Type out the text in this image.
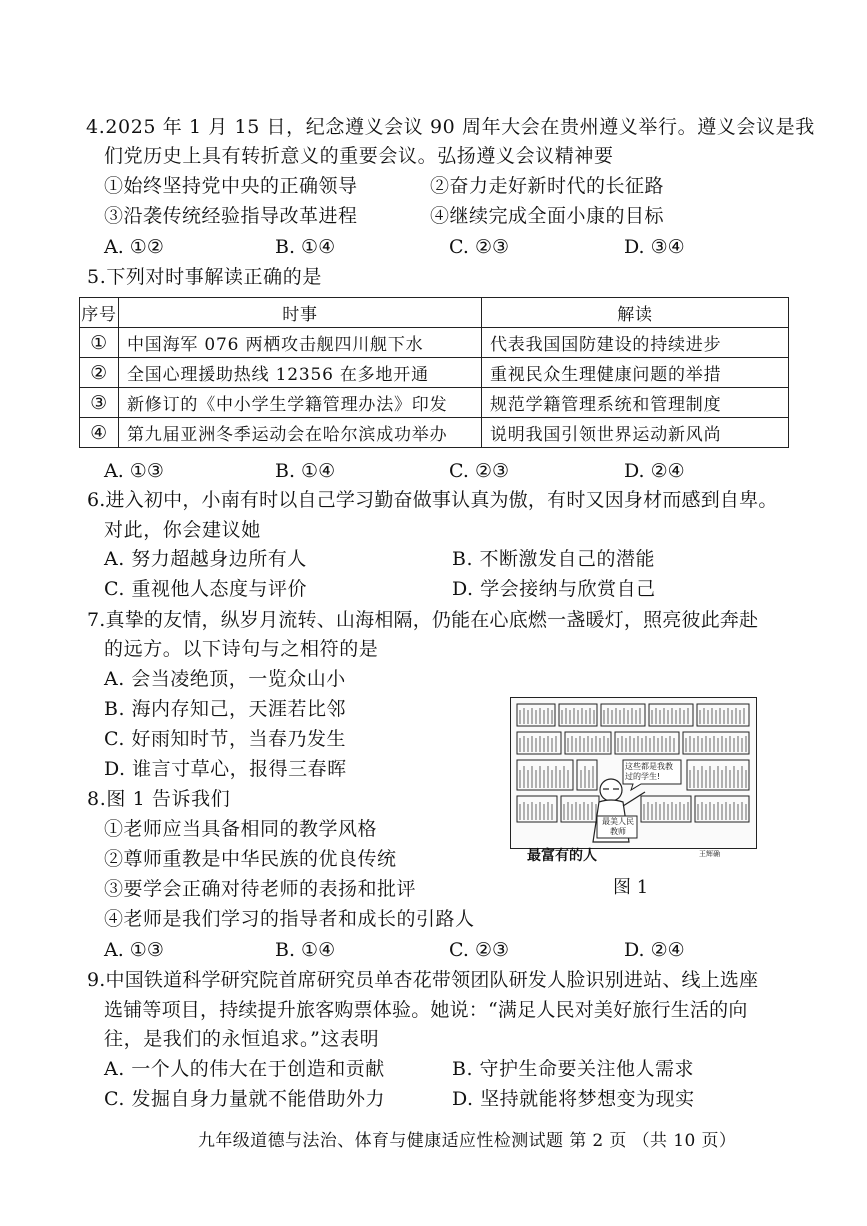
4.2025 年 1 月 15 日，纪念遵义会议 90 周年大会在贵州遵义举行。遵义会议是我
们党历史上具有转折意义的重要会议。弘扬遵义会议精神要
①始终坚持党中央的正确领导	②奋力走好新时代的长征路
③沿袭传统经验指导改革进程	④继续完成全面小康的目标
A. ①②	B. ①④	C. ②③	D. ③④
5.下列对时事解读正确的是
序号	时事	解读
①	中国海军 076 两栖攻击舰四川舰下水	代表我国国防建设的持续进步
②	全国心理援助热线 12356 在多地开通	重视民众生理健康问题的举措
③	新修订的《中小学生学籍管理办法》印发	规范学籍管理系统和管理制度
④	第九届亚洲冬季运动会在哈尔滨成功举办	说明我国引领世界运动新风尚
A. ①③	B. ①④	C. ②③	D. ②④
6.进入初中，小南有时以自己学习勤奋做事认真为傲，有时又因身材而感到自卑。
对此，你会建议她
A. 努力超越身边所有人	B. 不断激发自己的潜能
C. 重视他人态度与评价	D. 学会接纳与欣赏自己
7.真挚的友情，纵岁月流转、山海相隔，仍能在心底燃一盏暖灯，照亮彼此奔赴
的远方。以下诗句与之相符的是
A. 会当凌绝顶，一览众山小
B. 海内存知己，天涯若比邻
C. 好雨知时节，当春乃发生
D. 谁言寸草心，报得三春晖	这些都是我教过的学生!
最美人民教师
最富有的人	王辉确
图 1
8.图 1 告诉我们
①老师应当具备相同的教学风格
②尊师重教是中华民族的优良传统
③要学会正确对待老师的表扬和批评
④老师是我们学习的指导者和成长的引路人
A. ①③	B. ①④	C. ②③	D. ②④
9.中国铁道科学研究院首席研究员单杏花带领团队研发人脸识别进站、线上选座
选铺等项目，持续提升旅客购票体验。她说：“满足人民对美好旅行生活的向
往，是我们的永恒追求。”这表明
A. 一个人的伟大在于创造和贡献	B. 守护生命要关注他人需求
C. 发掘自身力量就不能借助外力	D. 坚持就能将梦想变为现实
九年级道德与法治、体育与健康适应性检测试题 第 2 页 （共 10 页）
